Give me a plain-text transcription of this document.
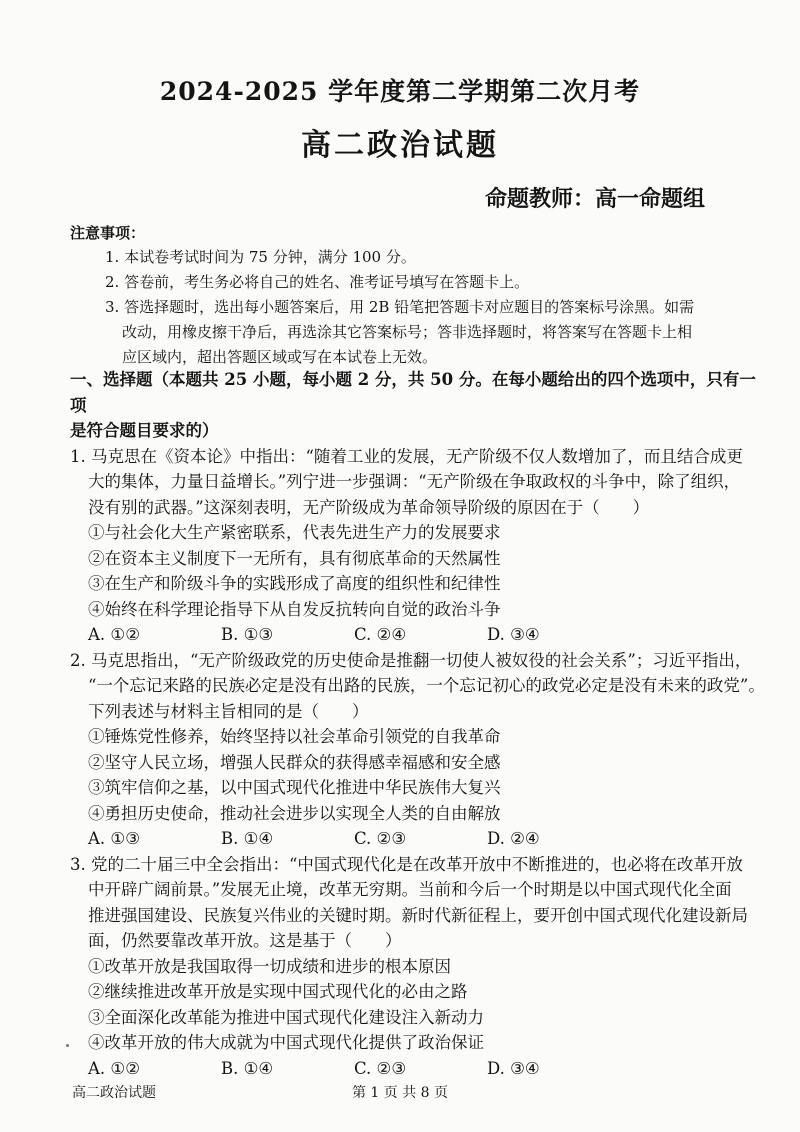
2024-2025 学年度第二学期第二次月考
高二政治试题
命题教师：高一命题组
注意事项：
1. 本试卷考试时间为 75 分钟，满分 100 分。
2. 答卷前，考生务必将自己的姓名、准考证号填写在答题卡上。
3. 答选择题时，选出每小题答案后，用 2B 铅笔把答题卡对应题目的答案标号涂黑。如需
改动，用橡皮擦干净后，再选涂其它答案标号；答非选择题时，将答案写在答题卡上相
应区域内，超出答题区域或写在本试卷上无效。
一、选择题（本题共 25 小题，每小题 2 分，共 50 分。在每小题给出的四个选项中，只有一项
是符合题目要求的）
1. 马克思在《资本论》中指出：“随着工业的发展，无产阶级不仅人数增加了，而且结合成更
大的集体，力量日益增长。”列宁进一步强调：“无产阶级在争取政权的斗争中，除了组织，
没有别的武器。”这深刻表明，无产阶级成为革命领导阶级的原因在于（　　）
①与社会化大生产紧密联系，代表先进生产力的发展要求
②在资本主义制度下一无所有，具有彻底革命的天然属性
③在生产和阶级斗争的实践形成了高度的组织性和纪律性
④始终在科学理论指导下从自发反抗转向自觉的政治斗争
A. ①②	B. ①③	C. ②④	D. ③④
2. 马克思指出，“无产阶级政党的历史使命是推翻一切使人被奴役的社会关系”；习近平指出，
“一个忘记来路的民族必定是没有出路的民族，一个忘记初心的政党必定是没有未来的政党”。
下列表述与材料主旨相同的是（　　）
①锤炼党性修养，始终坚持以社会革命引领党的自我革命
②坚守人民立场，增强人民群众的获得感幸福感和安全感
③筑牢信仰之基，以中国式现代化推进中华民族伟大复兴
④勇担历史使命，推动社会进步以实现全人类的自由解放
A. ①③	B. ①④	C. ②③	D. ②④
3. 党的二十届三中全会指出：“中国式现代化是在改革开放中不断推进的，也必将在改革开放
中开辟广阔前景。”发展无止境，改革无穷期。当前和今后一个时期是以中国式现代化全面
推进强国建设、民族复兴伟业的关键时期。新时代新征程上，要开创中国式现代化建设新局
面，仍然要靠改革开放。这是基于（　　）
①改革开放是我国取得一切成绩和进步的根本原因
②继续推进改革开放是实现中国式现代化的必由之路
③全面深化改革能为推进中国式现代化建设注入新动力
④改革开放的伟大成就为中国式现代化提供了政治保证
A. ①②	B. ①④	C. ②③	D. ③④
高二政治试题	第 1 页 共 8 页
